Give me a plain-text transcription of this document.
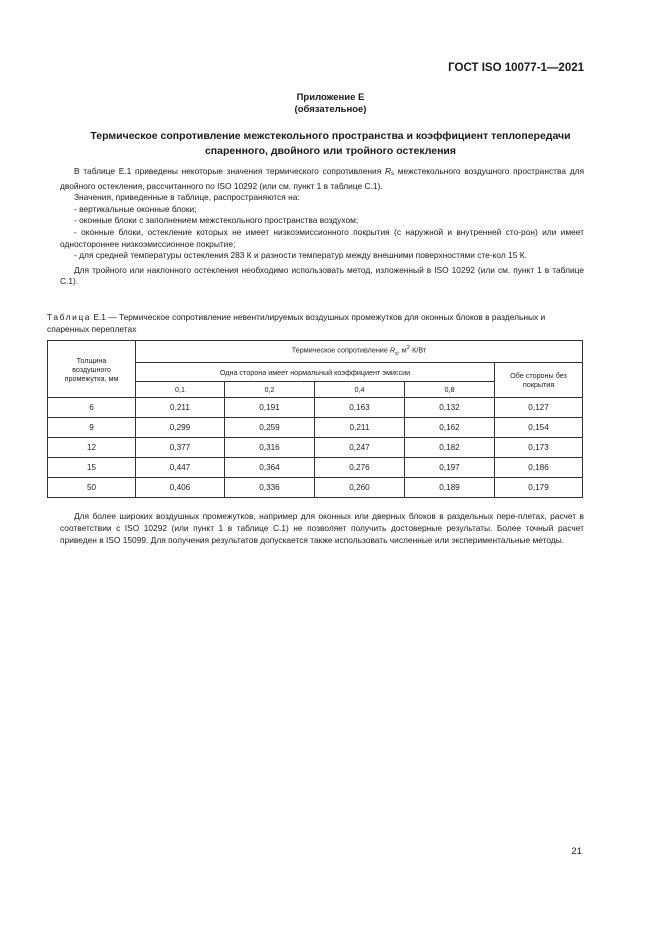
ГОСТ ISO 10077-1—2021
Приложение Е
(обязательное)
Термическое сопротивление межстекольного пространства и коэффициент теплопередачи
спаренного, двойного или тройного остекления

В таблице Е.1 приведены некоторые значения термического сопротивления $R_s$ межстекольного воздушного пространства для двойного остекления, рассчитанного по ISO 10292 (или см. пункт 1 в таблице С.1).

Значения, приведенные в таблице, распространяются на:

- вертикальные оконные блоки;

- оконные блоки с заполнением межстекольного пространства воздухом;

- оконные блоки, остекление которых не имеет низкоэмиссионного покрытия (с наружной и внутренней сто-рон) или имеет одностороннее низкоэмиссионное покрытие;

- для средней температуры остекления 283 К и разности температур между внешними поверхностями сте-кол 15 К.

Для тройного или наклонного остекления необходимо использовать метод, изложенный в ISO 10292 (или см. пункт 1 в таблице С.1).

Таблица Е.1 — Термическое сопротивление невентилируемых воздушных промежутков для оконных блоков в раздельных и спаренных переплетах
Толщина воздушного промежутка, мм	Термическое сопротивление $R_s$, $м^2\cdot К/Вт$				
	Одна сторона имеет нормальный коэффициент эмиссии				Обе стороны без покрытия
	0,1	0,2	0,4	0,8	
6	0,211	0,191	0,163	0,132	0,127
9	0,299	0,259	0,211	0,162	0,154
12	0,377	0,316	0,247	0,182	0,173
15	0,447	0,364	0,276	0,197	0,186
50	0,406	0,336	0,260	0,189	0,179

Для более широких воздушных промежутков, например для оконных или дверных блоков в раздельных пере-плетах, расчет в соответствии с ISO 10292 (или пункт 1 в таблице С.1) не позволяет получить достоверные результаты. Более точный расчет приведен в ISO 15099. Для получения результатов допускается также использовать численные или экспериментальные методы.

21
